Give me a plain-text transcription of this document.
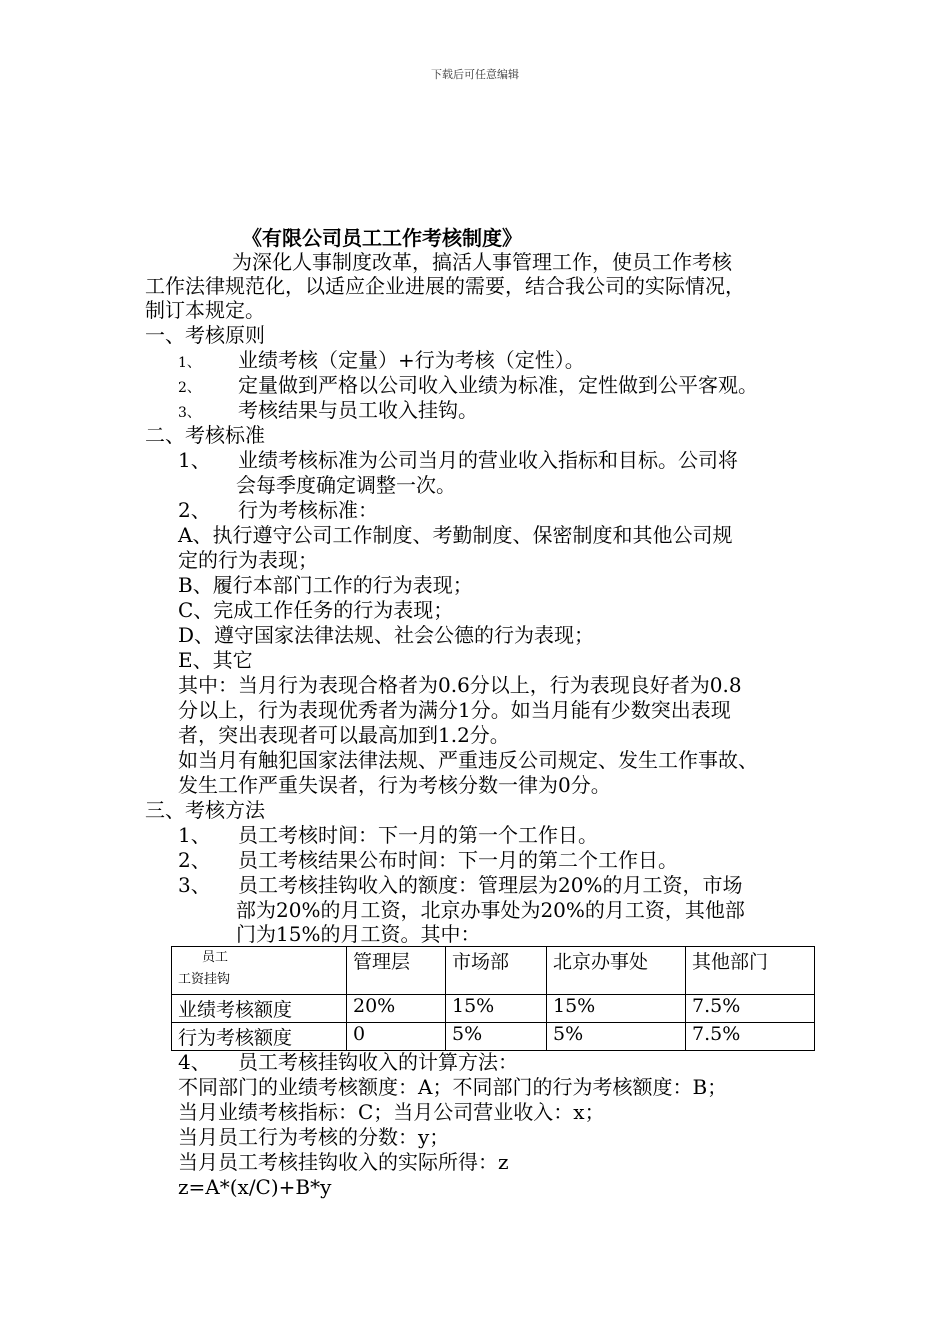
下载后可任意编辑
《有限公司员工工作考核制度》
为深化人事制度改革，搞活人事管理工作，使员工作考核
工作法律规范化，以适应企业进展的需要，结合我公司的实际情况，
制订本规定。
一、考核原则
1、 业绩考核（定量）+行为考核（定性）。
2、 定量做到严格以公司收入业绩为标准，定性做到公平客观。
3、 考核结果与员工收入挂钩。
二、考核标准
1、 业绩考核标准为公司当月的营业收入指标和目标。公司将
会每季度确定调整一次。
2、 行为考核标准：
A、执行遵守公司工作制度、考勤制度、保密制度和其他公司规
定的行为表现；
B、履行本部门工作的行为表现；
C、完成工作任务的行为表现；
D、遵守国家法律法规、社会公德的行为表现；
E、其它
其中：当月行为表现合格者为0.6分以上，行为表现良好者为0.8
分以上，行为表现优秀者为满分1分。如当月能有少数突出表现
者，突出表现者可以最高加到1.2分。
如当月有触犯国家法律法规、严重违反公司规定、发生工作事故、
发生工作严重失误者，行为考核分数一律为0分。
三、考核方法
1、 员工考核时间：下一月的第一个工作日。
2、 员工考核结果公布时间：下一月的第二个工作日。
3、 员工考核挂钩收入的额度：管理层为20%的月工资，市场
部为20%的月工资，北京办事处为20%的月工资，其他部
门为15%的月工资。其中：
员工
工资挂钩	管理层	市场部	北京办事处	其他部门
业绩考核额度	20%	15%	15%	7.5%
行为考核额度	0	5%	5%	7.5%
4、 员工考核挂钩收入的计算方法：
不同部门的业绩考核额度：A；不同部门的行为考核额度：B；
当月业绩考核指标：C；当月公司营业收入：x；
当月员工行为考核的分数：y；
当月员工考核挂钩收入的实际所得：z
z=A*(x/C)+B*y
